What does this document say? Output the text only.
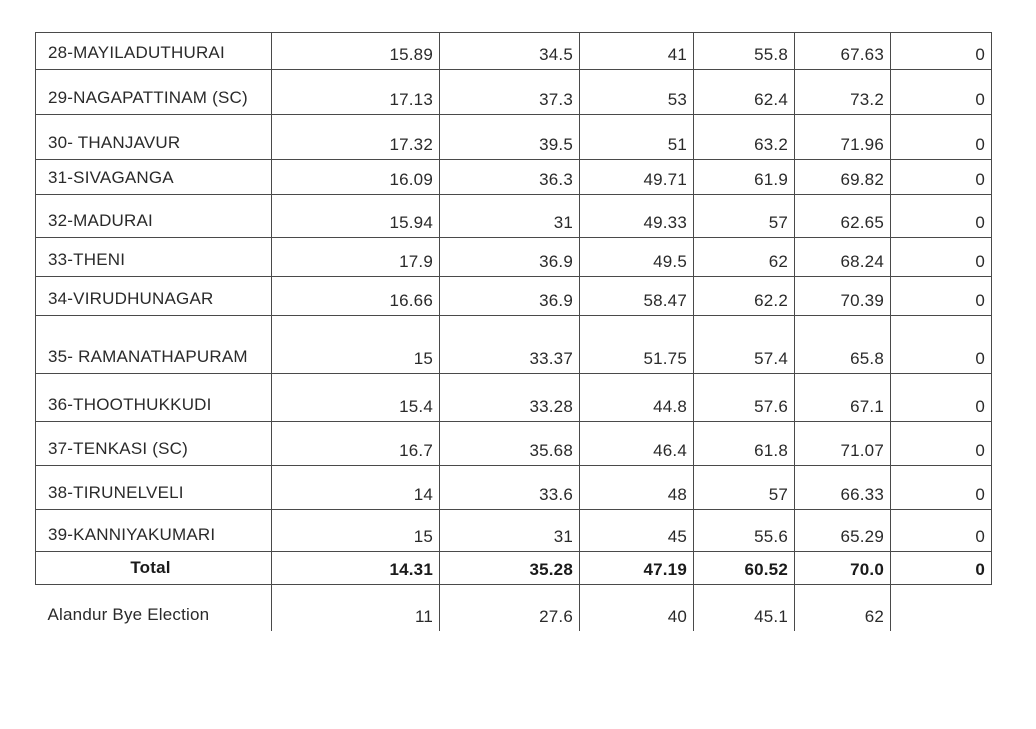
28-MAYILADUTHURAI	15.89	34.5	41	55.8	67.63	0
29-NAGAPATTINAM (SC)	17.13	37.3	53	62.4	73.2	0
30- THANJAVUR	17.32	39.5	51	63.2	71.96	0
31-SIVAGANGA	16.09	36.3	49.71	61.9	69.82	0
32-MADURAI	15.94	31	49.33	57	62.65	0
33-THENI	17.9	36.9	49.5	62	68.24	0
34-VIRUDHUNAGAR	16.66	36.9	58.47	62.2	70.39	0
35- RAMANATHAPURAM	15	33.37	51.75	57.4	65.8	0
36-THOOTHUKKUDI	15.4	33.28	44.8	57.6	67.1	0
37-TENKASI (SC)	16.7	35.68	46.4	61.8	71.07	0
38-TIRUNELVELI	14	33.6	48	57	66.33	0
39-KANNIYAKUMARI	15	31	45	55.6	65.29	0
Total	14.31	35.28	47.19	60.52	70.0	0
Alandur Bye Election	11	27.6	40	45.1	62	
